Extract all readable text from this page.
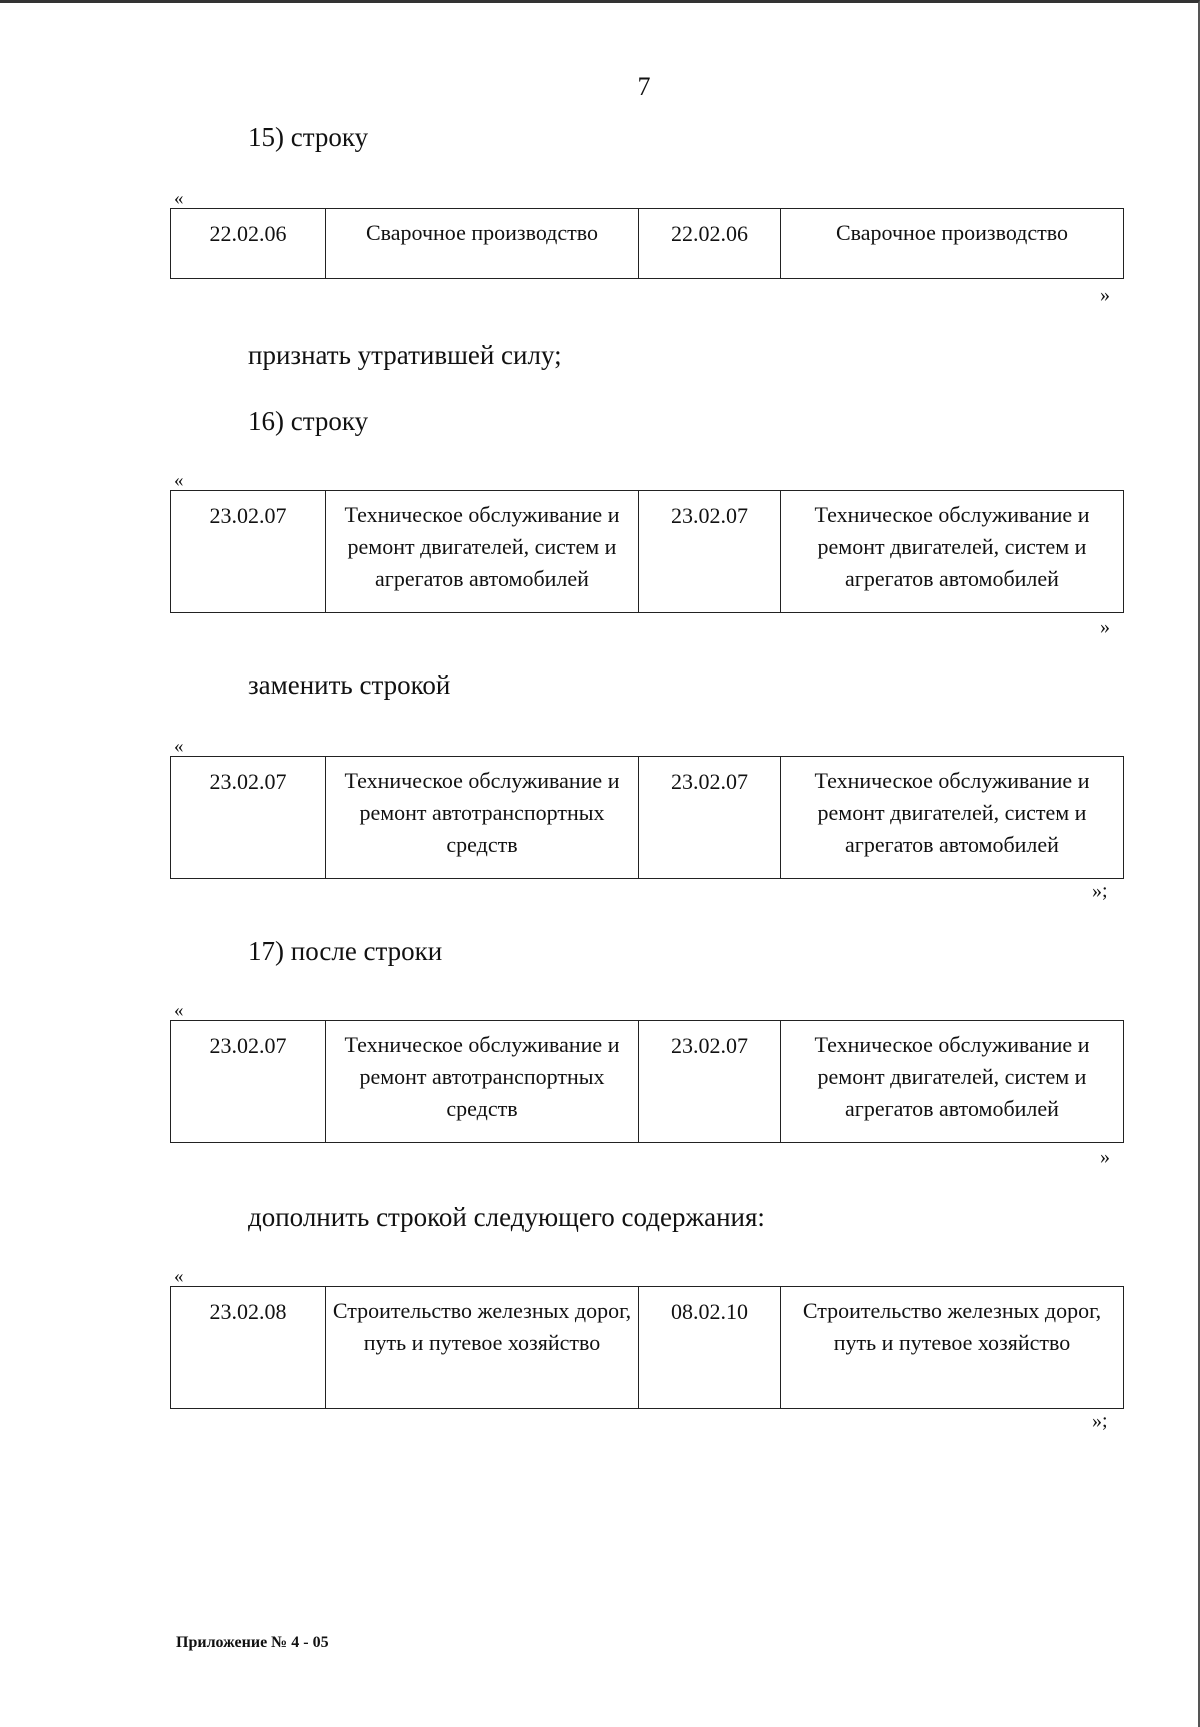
7
15) строку
«
22.02.06	Сварочное производство	22.02.06	Сварочное производство
»
признать утратившей силу;
16) строку
«
23.02.07	Техническое обслуживание и ремонт двигателей, систем и агрегатов автомобилей	23.02.07	Техническое обслуживание и ремонт двигателей, систем и агрегатов автомобилей
»
заменить строкой
«
23.02.07	Техническое обслуживание и ремонт автотранспортных средств	23.02.07	Техническое обслуживание и ремонт двигателей, систем и агрегатов автомобилей
»;
17) после строки
«
23.02.07	Техническое обслуживание и ремонт автотранспортных средств	23.02.07	Техническое обслуживание и ремонт двигателей, систем и агрегатов автомобилей
»
дополнить строкой следующего содержания:
«
23.02.08	Строительство железных дорог, путь и путевое хозяйство	08.02.10	Строительство железных дорог, путь и путевое хозяйство
»;
Приложение № 4 - 05
